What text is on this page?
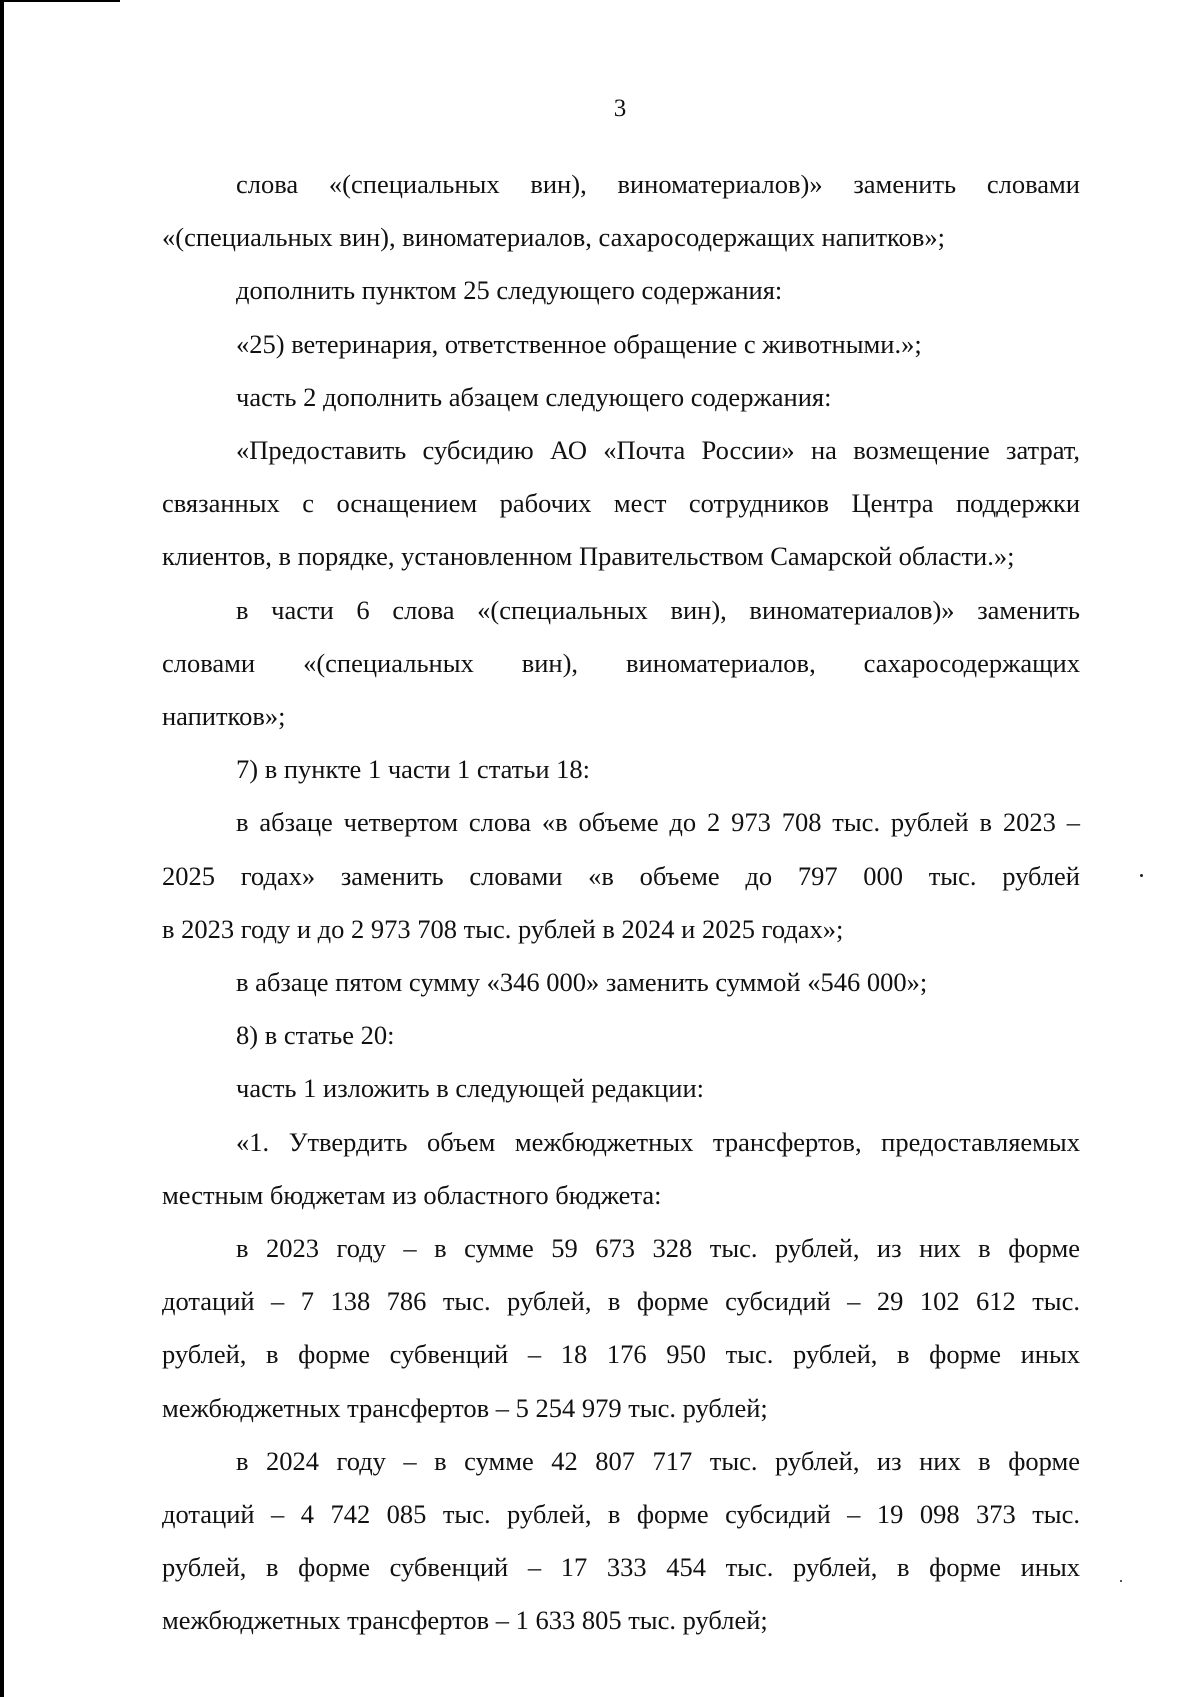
3
слова «(специальных вин), виноматериалов)» заменить словами
«(специальных вин), виноматериалов, сахаросодержащих напитков»;
дополнить пунктом 25 следующего содержания:
«25) ветеринария, ответственное обращение с животными.»;
часть 2 дополнить абзацем следующего содержания:
«Предоставить субсидию АО «Почта России» на возмещение затрат,
связанных с оснащением рабочих мест сотрудников Центра поддержки
клиентов, в порядке, установленном Правительством Самарской области.»;
в части 6 слова «(специальных вин), виноматериалов)» заменить
словами «(специальных вин), виноматериалов, сахаросодержащих
напитков»;
7) в пункте 1 части 1 статьи 18:
в абзаце четвертом слова «в объеме до 2 973 708 тыс. рублей в 2023 –
2025 годах» заменить словами «в объеме до 797 000 тыс. рублей
в 2023 году и до 2 973 708 тыс. рублей в 2024 и 2025 годах»;
в абзаце пятом сумму «346 000» заменить суммой «546 000»;
8) в статье 20:
часть 1 изложить в следующей редакции:
«1. Утвердить объем межбюджетных трансфертов, предоставляемых
местным бюджетам из областного бюджета:
в 2023 году – в сумме 59 673 328 тыс. рублей, из них в форме
дотаций – 7 138 786 тыс. рублей, в форме субсидий – 29 102 612 тыс.
рублей, в форме субвенций – 18 176 950 тыс. рублей, в форме иных
межбюджетных трансфертов – 5 254 979 тыс. рублей;
в 2024 году – в сумме 42 807 717 тыс. рублей, из них в форме
дотаций – 4 742 085 тыс. рублей, в форме субсидий – 19 098 373 тыс.
рублей, в форме субвенций – 17 333 454 тыс. рублей, в форме иных
межбюджетных трансфертов – 1 633 805 тыс. рублей;
